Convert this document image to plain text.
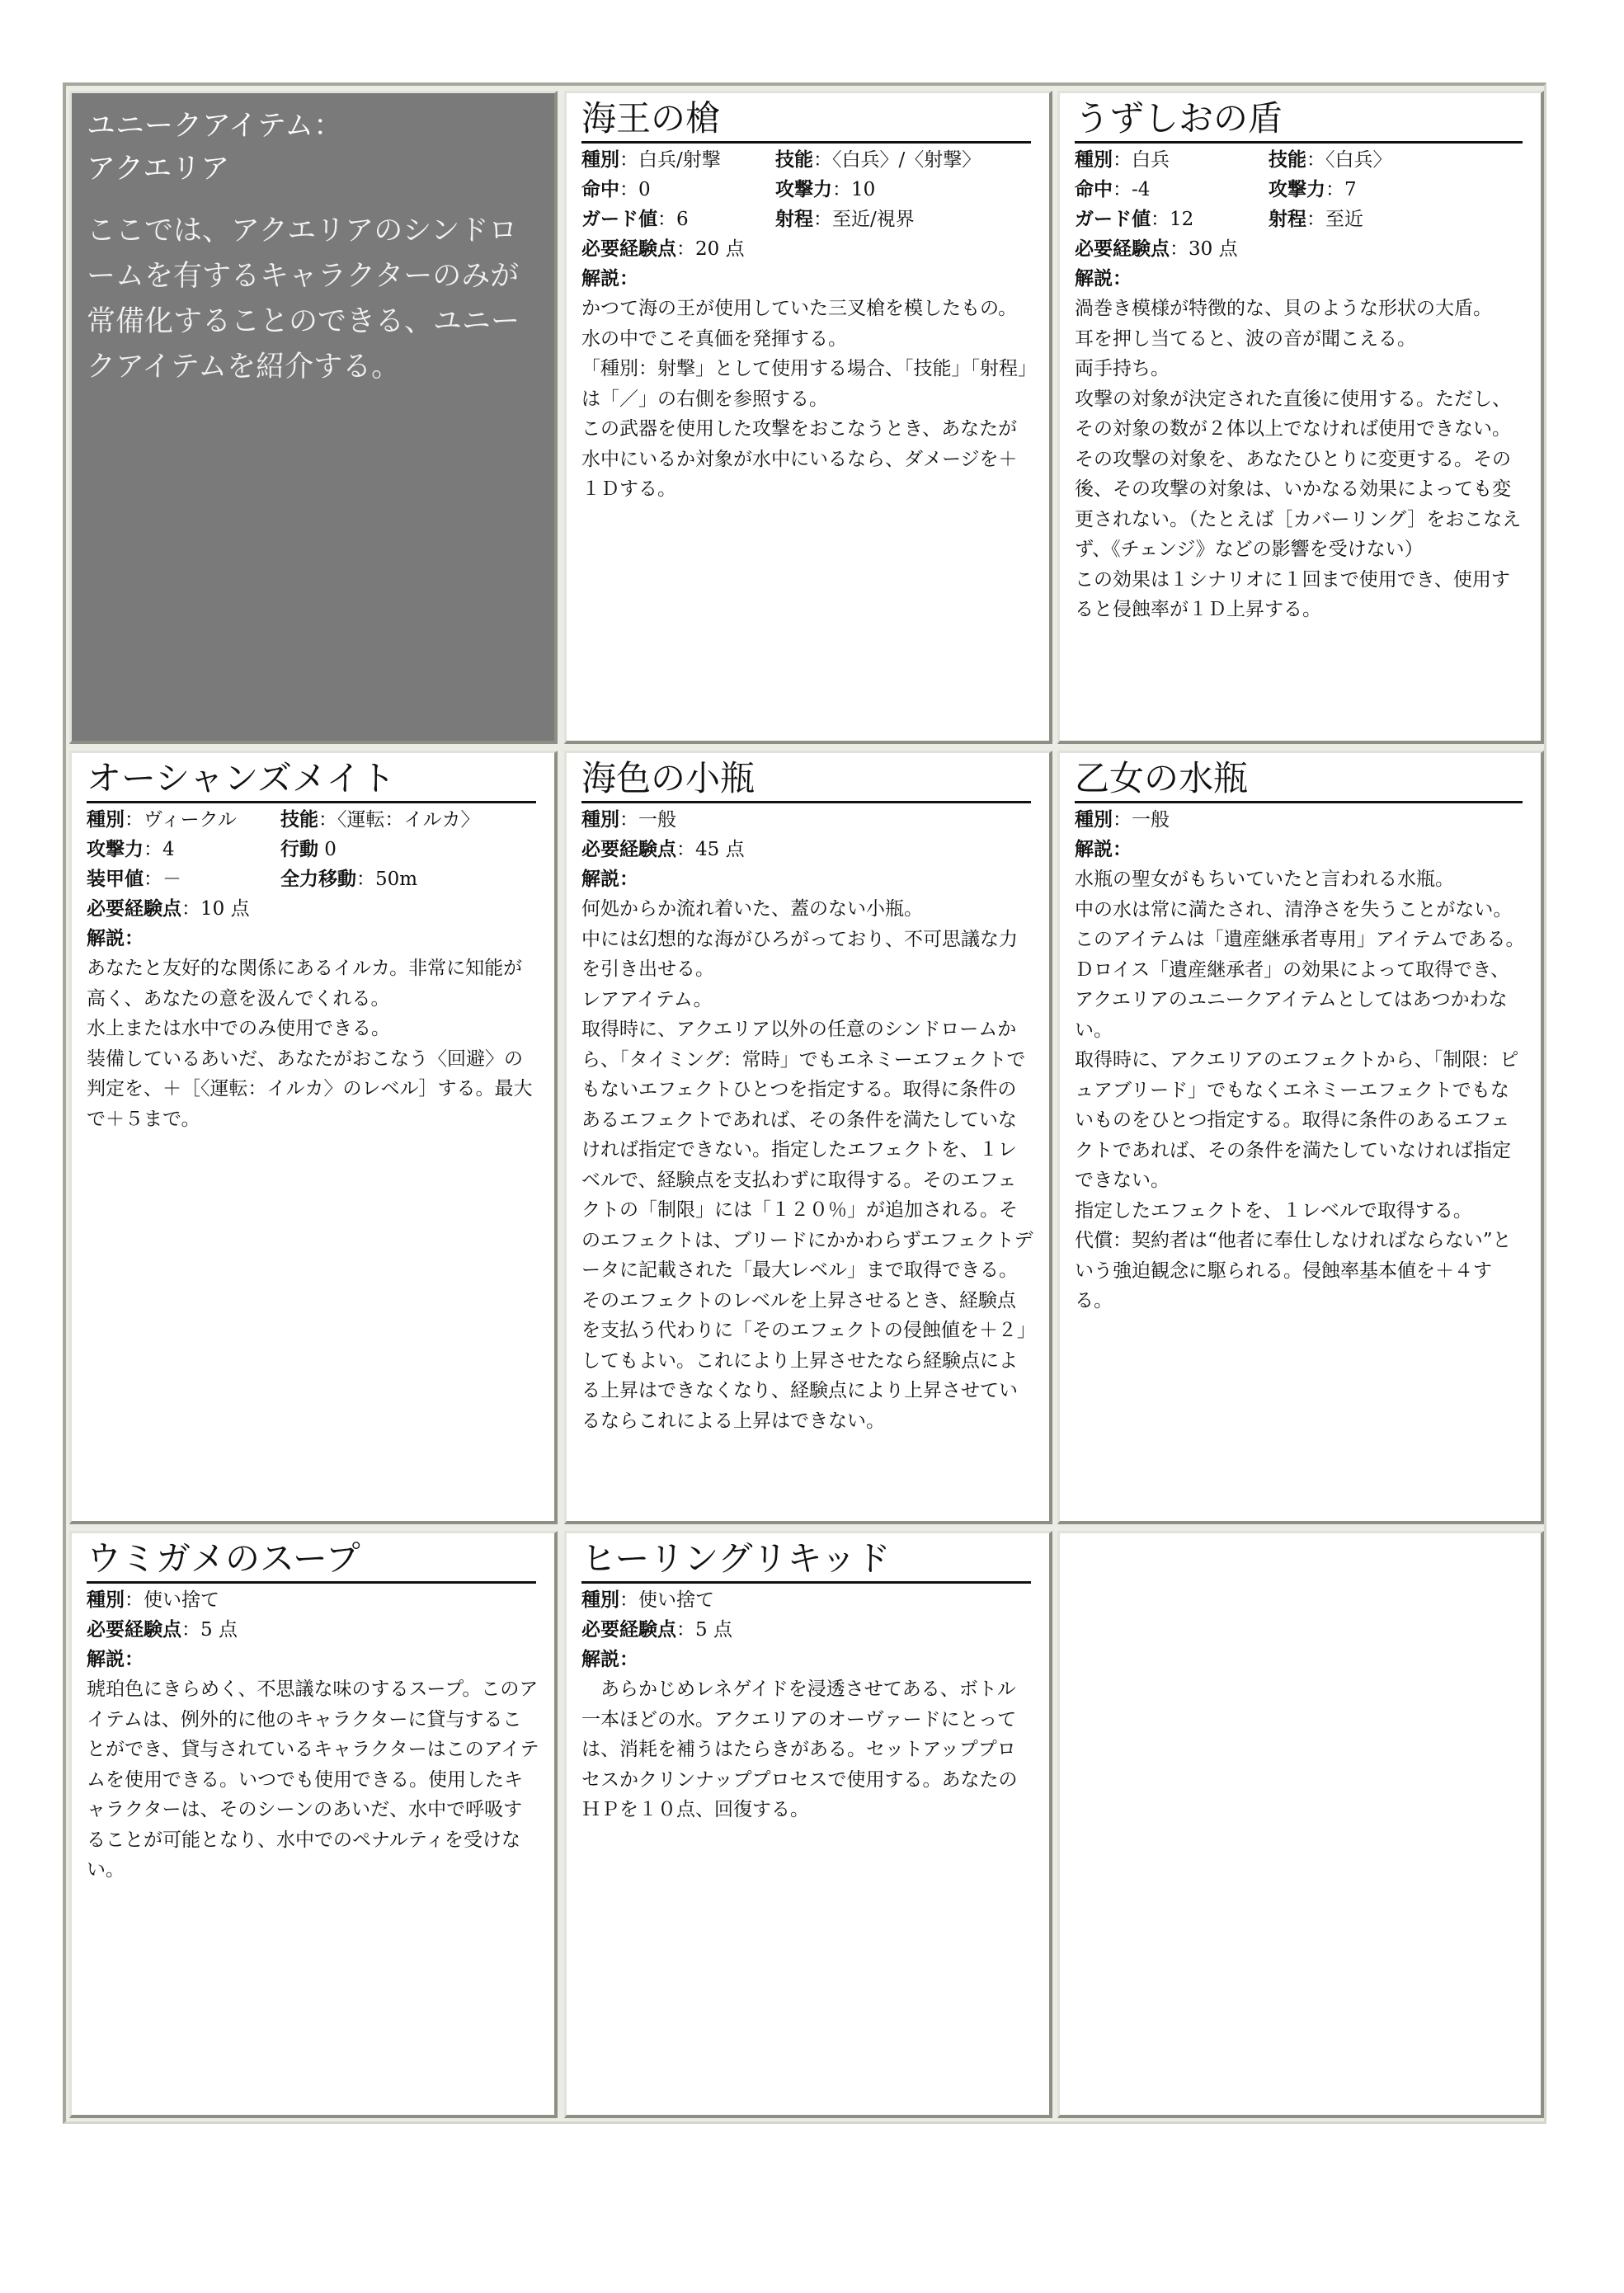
ユニークアイテム：
アクエリア
ここでは、アクエリアのシンドロームを有するキャラクターのみが常備化することのできる、ユニークアイテムを紹介する。
海王の槍
種別：白兵/射撃	技能：〈白兵〉/〈射撃〉
命中：0	攻撃力：10
ガード値：6	射程：至近/視界
必要経験点：20 点
解説：

かつて海の王が使用していた三叉槍を模したもの。

水の中でこそ真価を発揮する。

「種別：射撃」として使用する場合、「技能」「射程」は「／」の右側を参照する。

この武器を使用した攻撃をおこなうとき、あなたが水中にいるか対象が水中にいるなら、ダメージを＋１Ｄする。

うずしおの盾
種別：白兵	技能：〈白兵〉
命中：-4	攻撃力：7
ガード値：12	射程：至近
必要経験点：30 点
解説：

渦巻き模様が特徴的な、貝のような形状の大盾。

耳を押し当てると、波の音が聞こえる。

両手持ち。

攻撃の対象が決定された直後に使用する。ただし、その対象の数が２体以上でなければ使用できない。その攻撃の対象を、あなたひとりに変更する。その後、その攻撃の対象は、いかなる効果によっても変更されない。（たとえば［カバーリング］をおこなえず、《チェンジ》などの影響を受けない）

この効果は１シナリオに１回まで使用でき、使用すると侵蝕率が１Ｄ上昇する。

オーシャンズメイト
種別：ヴィークル	技能：〈運転：イルカ〉
攻撃力：4	行動 0
装甲値：－	全力移動：50m
必要経験点：10 点
解説：

あなたと友好的な関係にあるイルカ。非常に知能が高く、あなたの意を汲んでくれる。

水上または水中でのみ使用できる。

装備しているあいだ、あなたがおこなう〈回避〉の判定を、＋［〈運転：イルカ〉のレベル］する。最大で＋５まで。

海色の小瓶
種別：一般
必要経験点：45 点
解説：

何処からか流れ着いた、蓋のない小瓶。

中には幻想的な海がひろがっており、不可思議な力を引き出せる。

レアアイテム。

取得時に、アクエリア以外の任意のシンドロームから、「タイミング：常時」でもエネミーエフェクトでもないエフェクトひとつを指定する。取得に条件のあるエフェクトであれば、その条件を満たしていなければ指定できない。指定したエフェクトを、１レベルで、経験点を支払わずに取得する。そのエフェクトの「制限」には「１２０％」が追加される。そのエフェクトは、ブリードにかかわらずエフェクトデータに記載された「最大レベル」まで取得できる。そのエフェクトのレベルを上昇させるとき、経験点を支払う代わりに「そのエフェクトの侵蝕値を＋２」してもよい。これにより上昇させたなら経験点による上昇はできなくなり、経験点により上昇させているならこれによる上昇はできない。

乙女の水瓶
種別：一般
解説：

水瓶の聖女がもちいていたと言われる水瓶。

中の水は常に満たされ、清浄さを失うことがない。

このアイテムは「遺産継承者専用」アイテムである。Ｄロイス「遺産継承者」の効果によって取得でき、アクエリアのユニークアイテムとしてはあつかわない。

取得時に、アクエリアのエフェクトから、「制限：ピュアブリード」でもなくエネミーエフェクトでもないものをひとつ指定する。取得に条件のあるエフェクトであれば、その条件を満たしていなければ指定できない。

指定したエフェクトを、１レベルで取得する。

代償：契約者は“他者に奉仕しなければならない”という強迫観念に駆られる。侵蝕率基本値を＋４する。

ウミガメのスープ
種別：使い捨て
必要経験点：5 点
解説：

琥珀色にきらめく、不思議な味のするスープ。このアイテムは、例外的に他のキャラクターに貸与することができ、貸与されているキャラクターはこのアイテムを使用できる。いつでも使用できる。使用したキャラクターは、そのシーンのあいだ、水中で呼吸することが可能となり、水中でのペナルティを受けない。

ヒーリングリキッド
種別：使い捨て
必要経験点：5 点
解説：

　あらかじめレネゲイドを浸透させてある、ボトル一本ほどの水。アクエリアのオーヴァードにとっては、消耗を補うはたらきがある。セットアッププロセスかクリンナッププロセスで使用する。あなたのＨＰを１０点、回復する。
